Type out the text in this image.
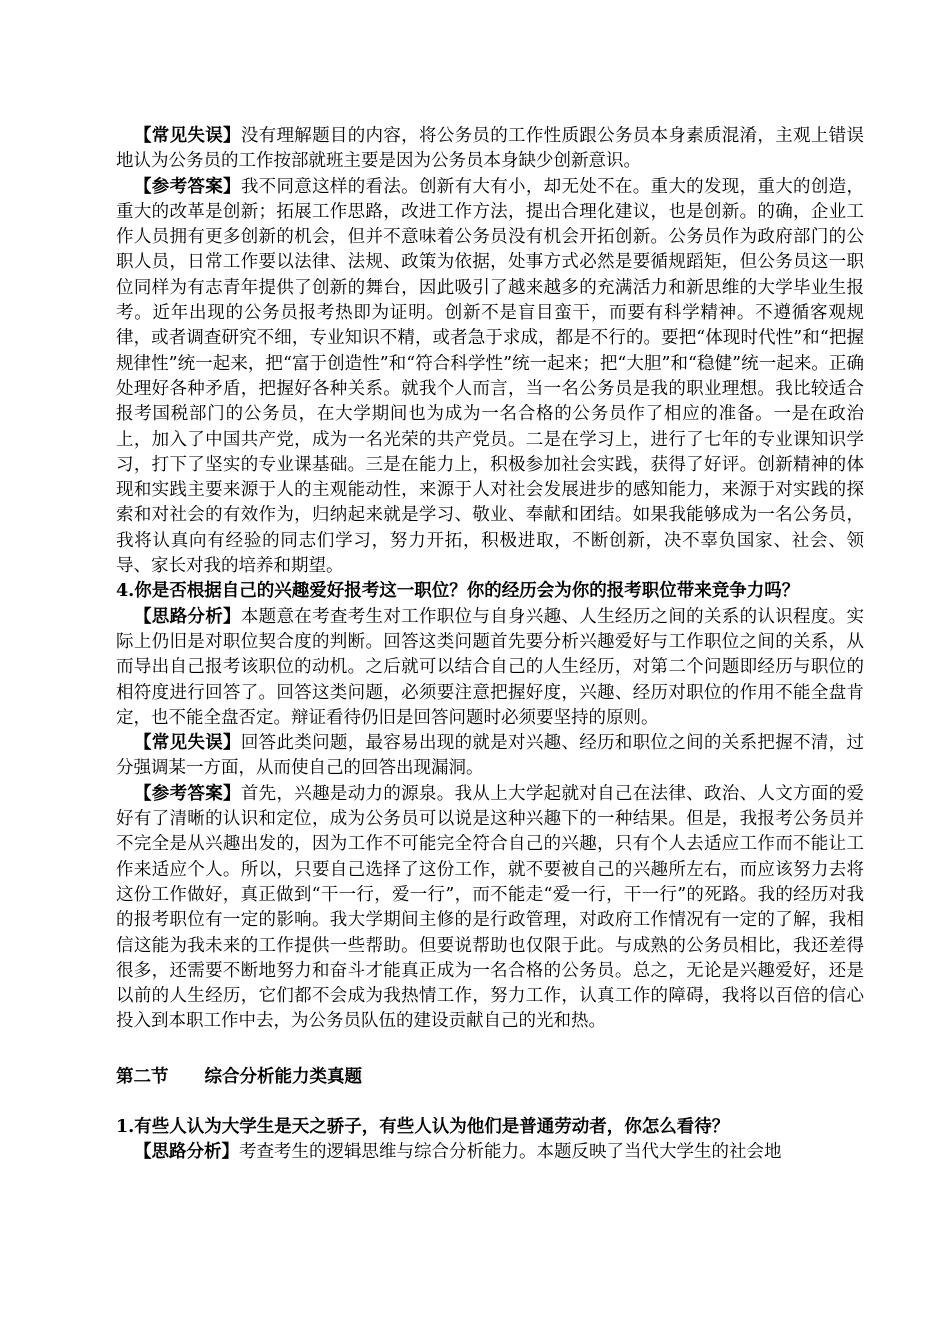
【常见失误】没有理解题目的内容，将公务员的工作性质跟公务员本身素质混淆，主观上错误地认为公务员的工作按部就班主要是因为公务员本身缺少创新意识。

【参考答案】我不同意这样的看法。创新有大有小，却无处不在。重大的发现，重大的创造，重大的改革是创新；拓展工作思路，改进工作方法，提出合理化建议，也是创新。的确，企业工作人员拥有更多创新的机会，但并不意味着公务员没有机会开拓创新。公务员作为政府部门的公职人员，日常工作要以法律、法规、政策为依据，处事方式必然是要循规蹈矩，但公务员这一职位同样为有志青年提供了创新的舞台，因此吸引了越来越多的充满活力和新思维的大学毕业生报考。近年出现的公务员报考热即为证明。创新不是盲目蛮干，而要有科学精神。不遵循客观规律，或者调查研究不细，专业知识不精，或者急于求成，都是不行的。要把“体现时代性”和“把握规律性”统一起来，把“富于创造性”和“符合科学性”统一起来；把“大胆”和“稳健”统一起来。正确处理好各种矛盾，把握好各种关系。就我个人而言，当一名公务员是我的职业理想。我比较适合报考国税部门的公务员，在大学期间也为成为一名合格的公务员作了相应的准备。一是在政治上，加入了中国共产党，成为一名光荣的共产党员。二是在学习上，进行了七年的专业课知识学习，打下了坚实的专业课基础。三是在能力上，积极参加社会实践，获得了好评。创新精神的体现和实践主要来源于人的主观能动性，来源于人对社会发展进步的感知能力，来源于对实践的探索和对社会的有效作为，归纳起来就是学习、敬业、奉献和团结。如果我能够成为一名公务员，我将认真向有经验的同志们学习，努力开拓，积极进取，不断创新，决不辜负国家、社会、领导、家长对我的培养和期望。

4.你是否根据自己的兴趣爱好报考这一职位？你的经历会为你的报考职位带来竞争力吗？

【思路分析】本题意在考查考生对工作职位与自身兴趣、人生经历之间的关系的认识程度。实际上仍旧是对职位契合度的判断。回答这类问题首先要分析兴趣爱好与工作职位之间的关系，从而导出自己报考该职位的动机。之后就可以结合自己的人生经历，对第二个问题即经历与职位的相符度进行回答了。回答这类问题，必须要注意把握好度，兴趣、经历对职位的作用不能全盘肯定，也不能全盘否定。辩证看待仍旧是回答问题时必须要坚持的原则。

【常见失误】回答此类问题，最容易出现的就是对兴趣、经历和职位之间的关系把握不清，过分强调某一方面，从而使自己的回答出现漏洞。

【参考答案】首先，兴趣是动力的源泉。我从上大学起就对自己在法律、政治、人文方面的爱好有了清晰的认识和定位，成为公务员可以说是这种兴趣下的一种结果。但是，我报考公务员并不完全是从兴趣出发的，因为工作不可能完全符合自己的兴趣，只有个人去适应工作而不能让工作来适应个人。所以，只要自己选择了这份工作，就不要被自己的兴趣所左右，而应该努力去将这份工作做好，真正做到“干一行，爱一行”，而不能走“爱一行，干一行”的死路。我的经历对我的报考职位有一定的影响。我大学期间主修的是行政管理，对政府工作情况有一定的了解，我相信这能为我未来的工作提供一些帮助。但要说帮助也仅限于此。与成熟的公务员相比，我还差得很多，还需要不断地努力和奋斗才能真正成为一名合格的公务员。总之，无论是兴趣爱好，还是以前的人生经历，它们都不会成为我热情工作，努力工作，认真工作的障碍，我将以百倍的信心投入到本职工作中去，为公务员队伍的建设贡献自己的光和热。

第二节 综合分析能力类真题

1.有些人认为大学生是天之骄子，有些人认为他们是普通劳动者，你怎么看待？

【思路分析】考查考生的逻辑思维与综合分析能力。本题反映了当代大学生的社会地
